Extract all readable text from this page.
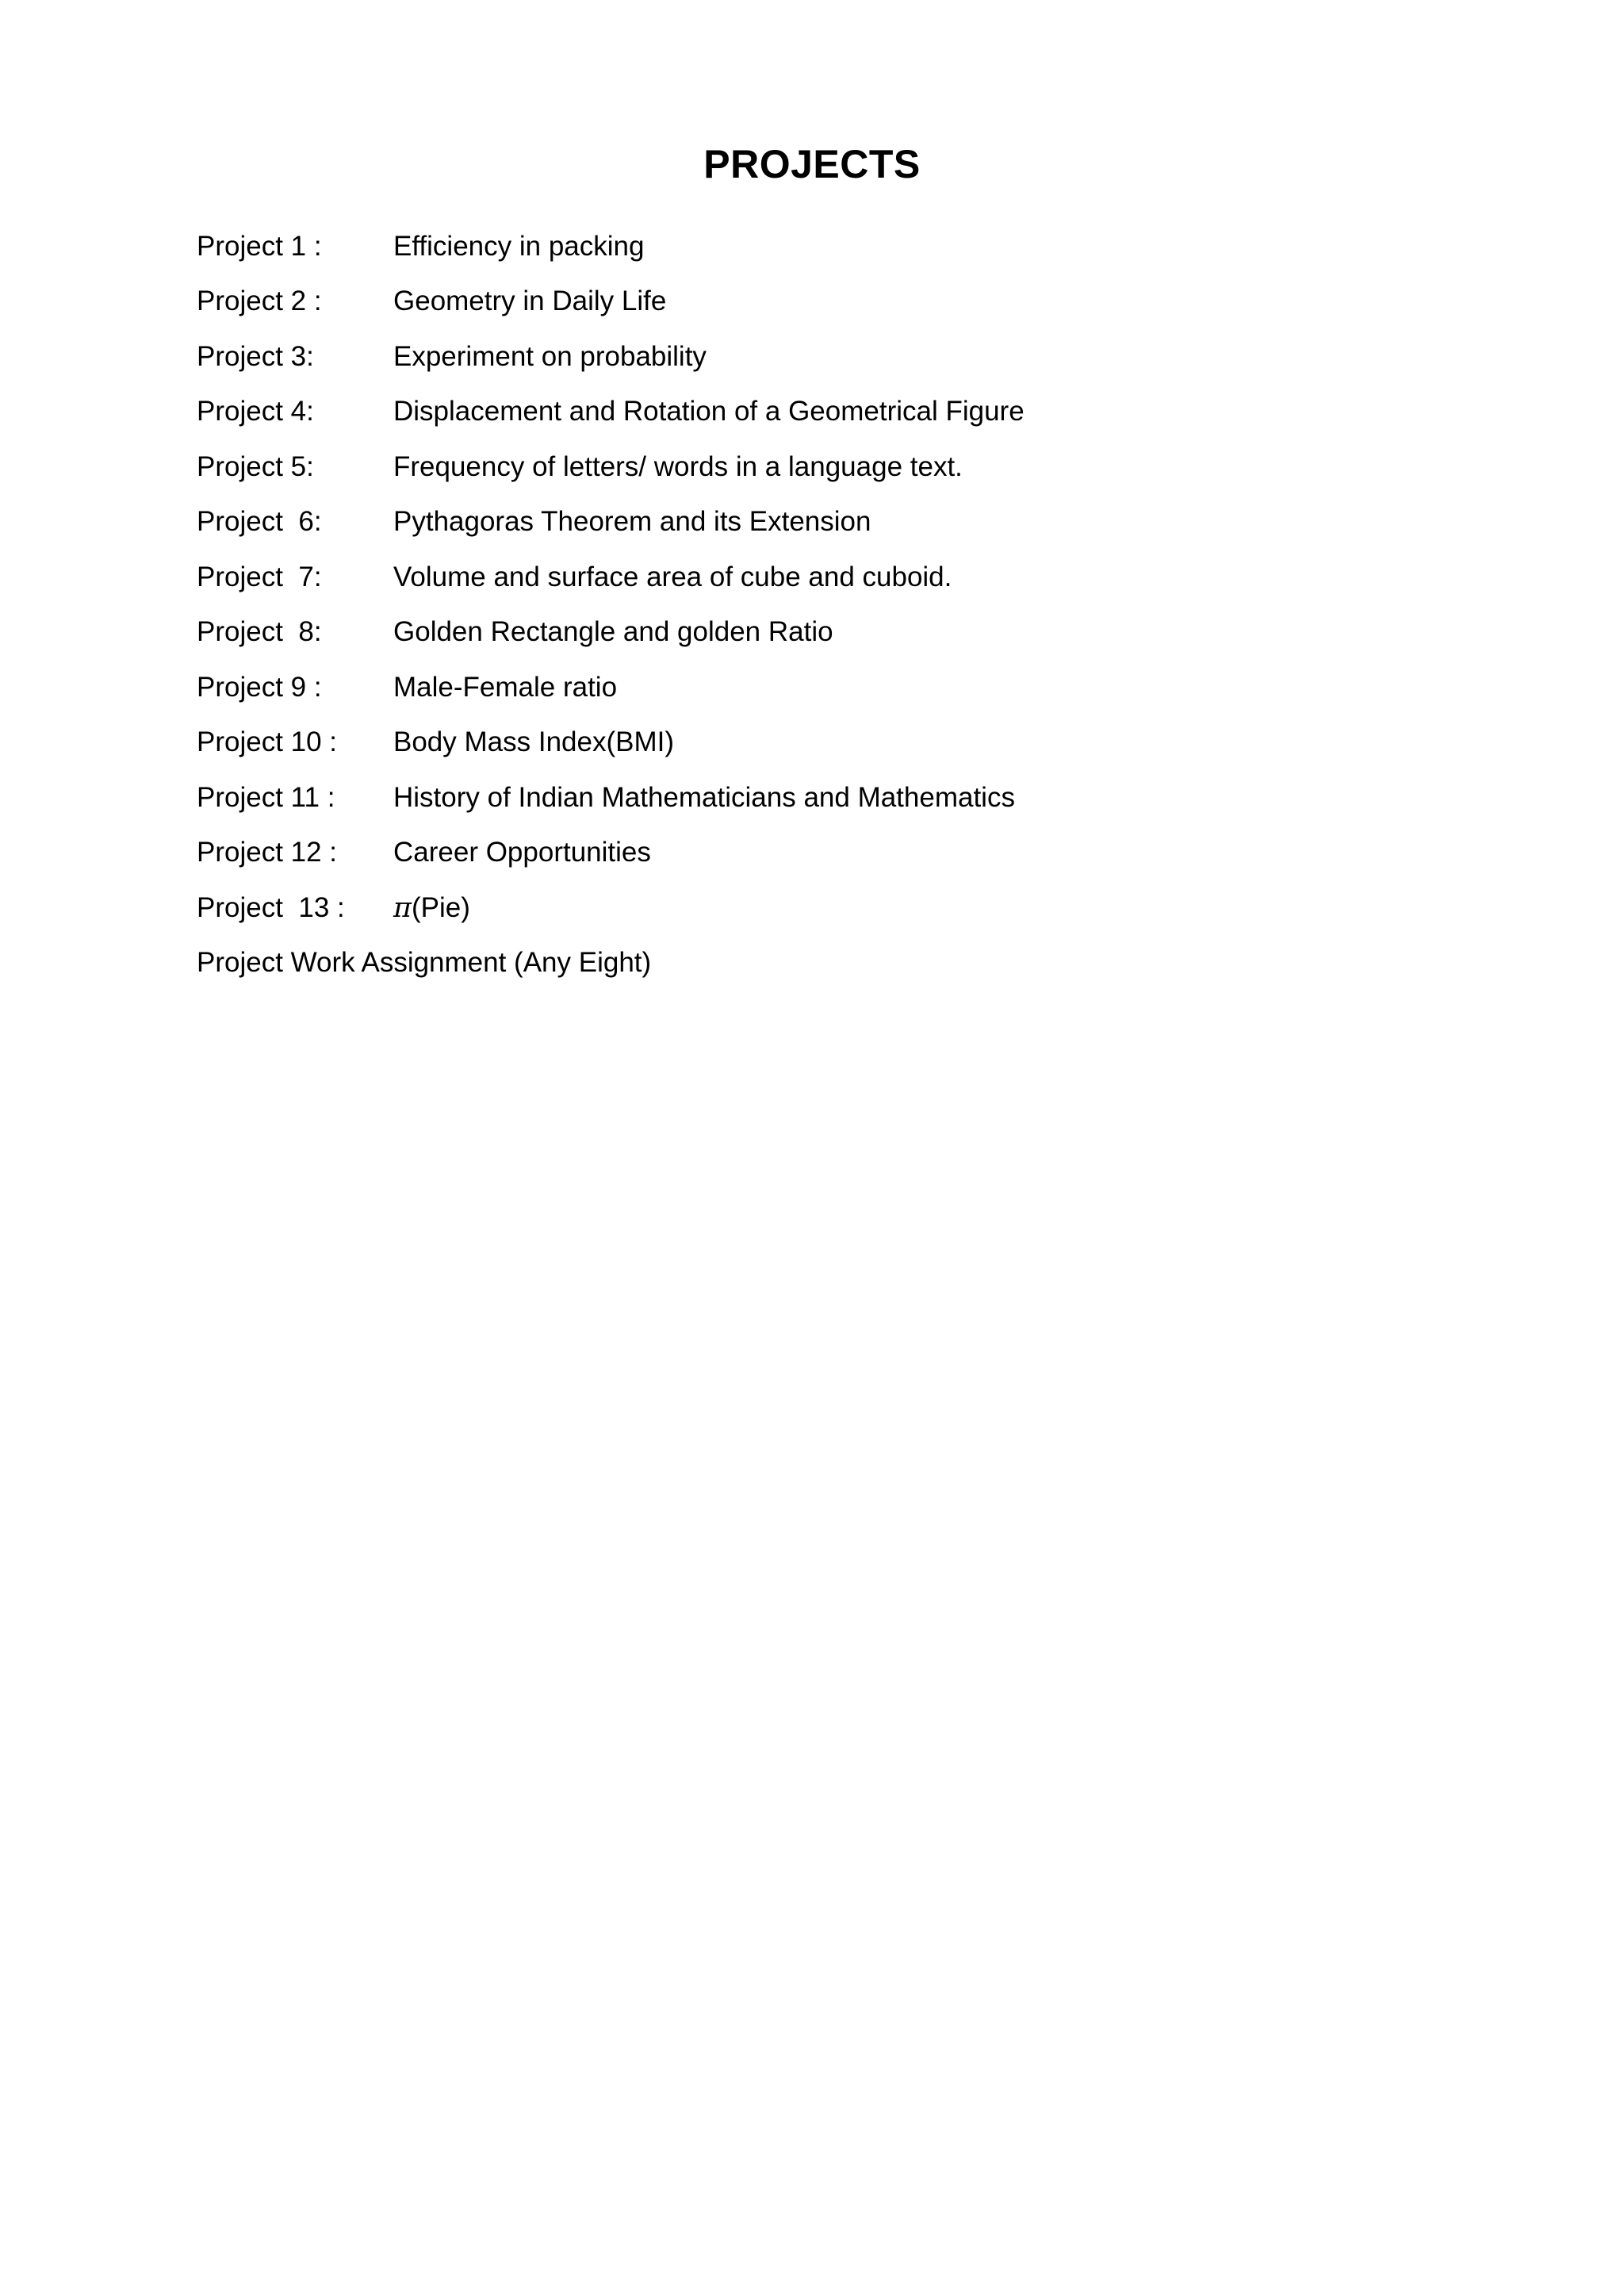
PROJECTS
Project 1 :	Efficiency in packing
Project 2 :	Geometry in Daily Life
Project 3:	Experiment on probability
Project 4:	Displacement and Rotation of a Geometrical Figure
Project 5:	Frequency of letters/ words in a language text.
Project  6:	Pythagoras Theorem and its Extension
Project  7:	Volume and surface area of cube and cuboid.
Project  8:	Golden Rectangle and golden Ratio
Project 9 :	Male-Female ratio
Project 10 :	Body Mass Index(BMI)
Project 11 :	History of Indian Mathematicians and Mathematics
Project 12 :	Career Opportunities
Project  13 :	π(Pie)
Project Work Assignment (Any Eight)
